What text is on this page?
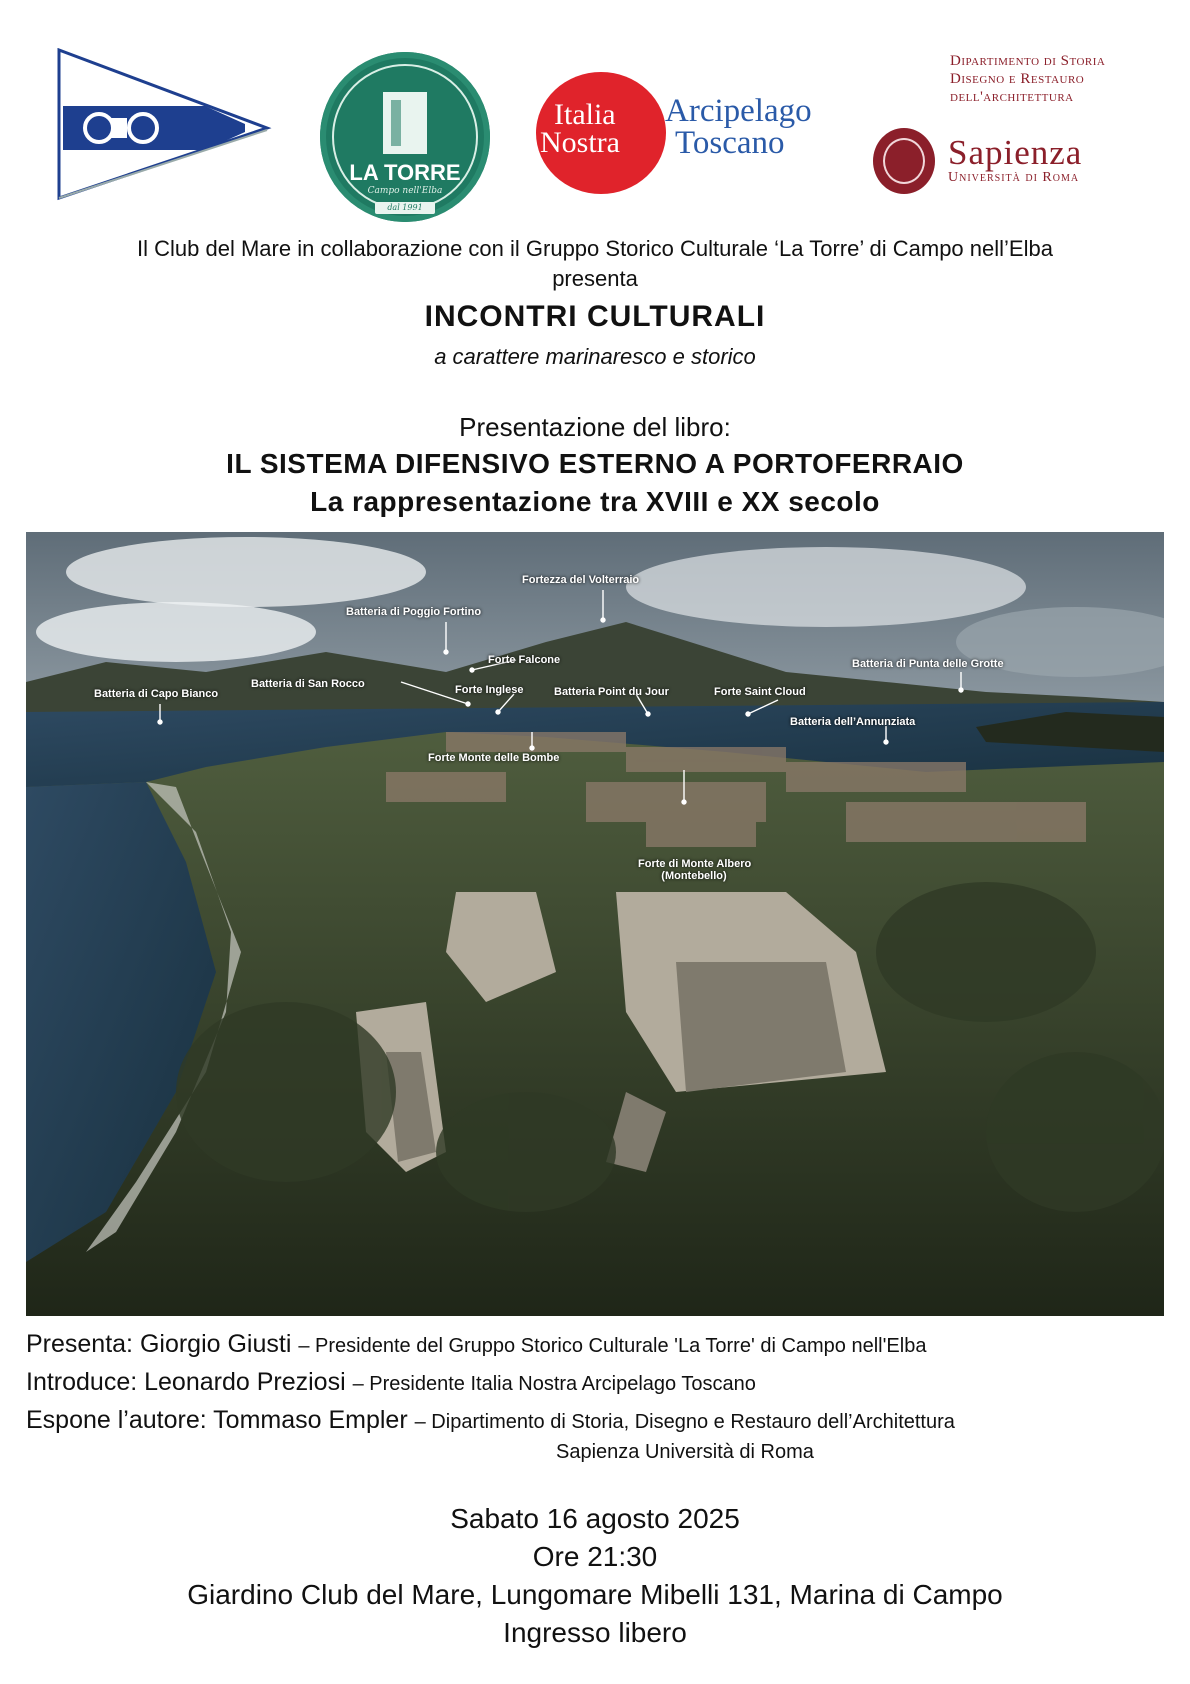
LA TORRE
Campo nell'Elba
dal 1991
Italia
Nostra
Arcipelago
Toscano
Dipartimento di Storia
Disegno e Restauro
dell'architettura
Sapienza
Università di Roma
Il Club del Mare in collaborazione con il Gruppo Storico Culturale ‘La Torre’ di Campo nell’Elba
presenta
INCONTRI CULTURALI
a carattere marinaresco e storico
Presentazione del libro:
IL SISTEMA DIFENSIVO ESTERNO A PORTOFERRAIO
La rappresentazione tra XVIII e XX secolo
Fortezza del Volterraio
Batteria di Poggio Fortino
Forte Falcone	Batteria di Punta delle Grotte
Batteria di San Rocco	Forte Inglese	Batteria Point du Jour	Forte Saint Cloud
Batteria di Capo Bianco
Batteria dell’Annunziata
Forte Monte delle Bombe
Forte di Monte Albero
(Montebello)
Presenta: Giorgio Giusti – Presidente del Gruppo Storico Culturale 'La Torre' di Campo nell'Elba
Introduce: Leonardo Preziosi – Presidente Italia Nostra Arcipelago Toscano
Espone l’autore: Tommaso Empler – Dipartimento di Storia, Disegno e Restauro dell’Architettura
Sapienza Università di Roma
Sabato 16 agosto 2025
Ore 21:30
Giardino Club del Mare, Lungomare Mibelli 131, Marina di Campo
Ingresso libero
